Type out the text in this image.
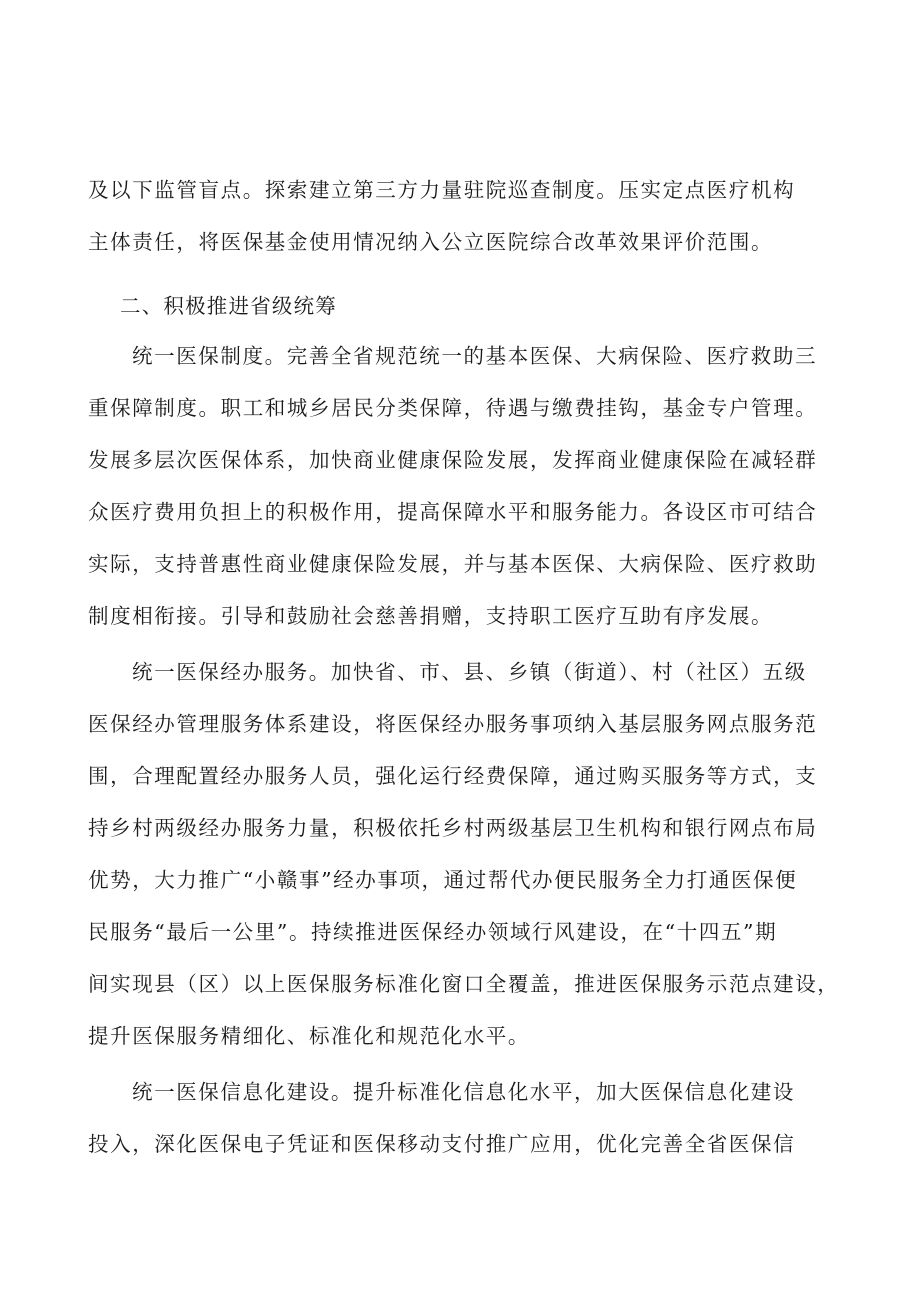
及以下监管盲点。探索建立第三方力量驻院巡查制度。压实定点医疗机构
主体责任，将医保基金使用情况纳入公立医院综合改革效果评价范围。
二、积极推进省级统筹
统一医保制度。完善全省规范统一的基本医保、大病保险、医疗救助三
重保障制度。职工和城乡居民分类保障，待遇与缴费挂钩，基金专户管理。
发展多层次医保体系，加快商业健康保险发展，发挥商业健康保险在减轻群
众医疗费用负担上的积极作用，提高保障水平和服务能力。各设区市可结合
实际，支持普惠性商业健康保险发展，并与基本医保、大病保险、医疗救助
制度相衔接。引导和鼓励社会慈善捐赠，支持职工医疗互助有序发展。
统一医保经办服务。加快省、市、县、乡镇（街道）、村（社区）五级
医保经办管理服务体系建设，将医保经办服务事项纳入基层服务网点服务范
围，合理配置经办服务人员，强化运行经费保障，通过购买服务等方式，支
持乡村两级经办服务力量，积极依托乡村两级基层卫生机构和银行网点布局
优势，大力推广“小赣事”经办事项，通过帮代办便民服务全力打通医保便
民服务“最后一公里”。持续推进医保经办领域行风建设，在“十四五”期
间实现县（区）以上医保服务标准化窗口全覆盖，推进医保服务示范点建设，
提升医保服务精细化、标准化和规范化水平。
统一医保信息化建设。提升标准化信息化水平，加大医保信息化建设
投入，深化医保电子凭证和医保移动支付推广应用，优化完善全省医保信
